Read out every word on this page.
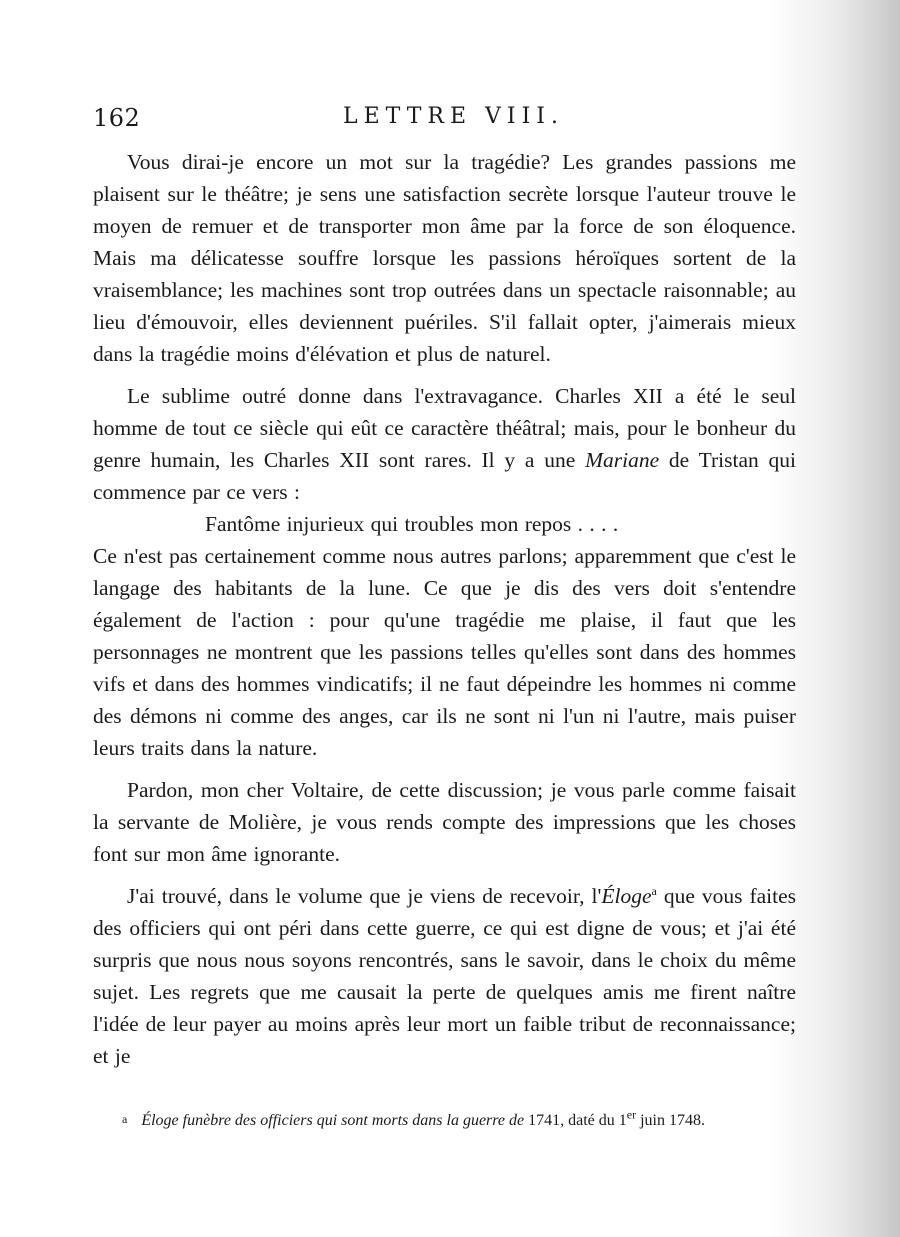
162	LETTRE VIII.

Vous dirai-je encore un mot sur la tragédie? Les grandes passions me plaisent sur le théâtre; je sens une satisfaction secrète lorsque l'auteur trouve le moyen de remuer et de transporter mon âme par la force de son éloquence. Mais ma délicatesse souffre lorsque les passions héroïques sortent de la vraisemblance; les machines sont trop outrées dans un spectacle raisonnable; au lieu d'émouvoir, elles deviennent puériles. S'il fallait opter, j'aimerais mieux dans la tragédie moins d'élévation et plus de naturel.

Le sublime outré donne dans l'extravagance. Charles XII a été le seul homme de tout ce siècle qui eût ce caractère théâtral; mais, pour le bonheur du genre humain, les Charles XII sont rares. Il y a une Mariane de Tristan qui commence par ce vers :

Fantôme injurieux qui troubles mon repos . . . .

Ce n'est pas certainement comme nous autres parlons; apparemment que c'est le langage des habitants de la lune. Ce que je dis des vers doit s'entendre également de l'action : pour qu'une tragédie me plaise, il faut que les personnages ne montrent que les passions telles qu'elles sont dans des hommes vifs et dans des hommes vindicatifs; il ne faut dépeindre les hommes ni comme des démons ni comme des anges, car ils ne sont ni l'un ni l'autre, mais puiser leurs traits dans la nature.

Pardon, mon cher Voltaire, de cette discussion; je vous parle comme faisait la servante de Molière, je vous rends compte des impressions que les choses font sur mon âme ignorante.

J'ai trouvé, dans le volume que je viens de recevoir, l'Éloge$^a$ que vous faites des officiers qui ont péri dans cette guerre, ce qui est digne de vous; et j'ai été surpris que nous nous soyons rencontrés, sans le savoir, dans le choix du même sujet. Les regrets que me causait la perte de quelques amis me firent naître l'idée de leur payer au moins après leur mort un faible tribut de reconnaissance; et je

a Éloge funèbre des officiers qui sont morts dans la guerre de 1741, daté du 1er juin 1748.
